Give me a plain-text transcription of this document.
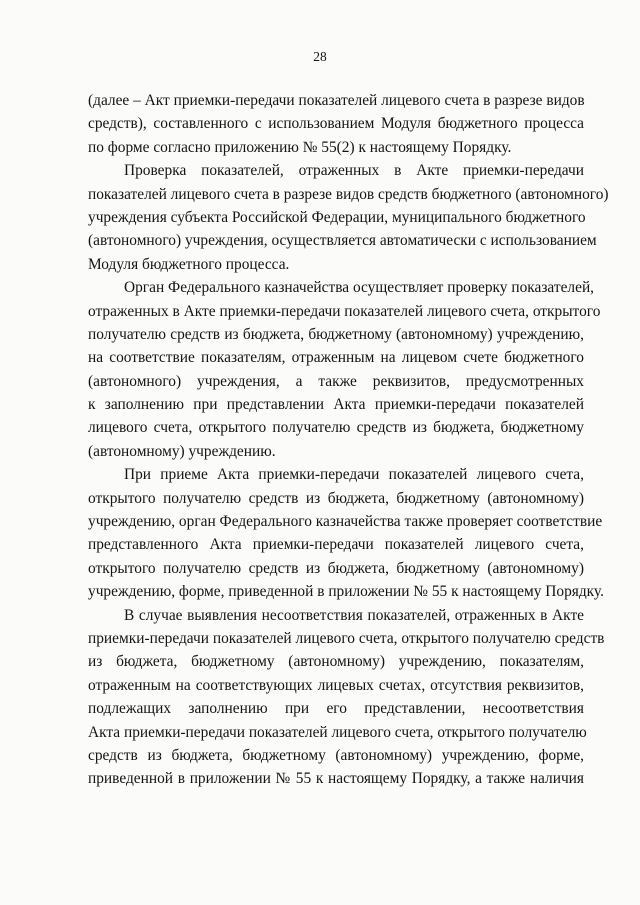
28
(далее – Акт приемки-передачи показателей лицевого счета в разрезе видов
средств), составленного с использованием Модуля бюджетного процесса
по форме согласно приложению № 55(2) к настоящему Порядку.
Проверка показателей, отраженных в Акте приемки-передачи
показателей лицевого счета в разрезе видов средств бюджетного (автономного)
учреждения субъекта Российской Федерации, муниципального бюджетного
(автономного) учреждения, осуществляется автоматически с использованием
Модуля бюджетного процесса.
Орган Федерального казначейства осуществляет проверку показателей,
отраженных в Акте приемки-передачи показателей лицевого счета, открытого
получателю средств из бюджета, бюджетному (автономному) учреждению,
на соответствие показателям, отраженным на лицевом счете бюджетного
(автономного) учреждения, а также реквизитов, предусмотренных
к заполнению при представлении Акта приемки-передачи показателей
лицевого счета, открытого получателю средств из бюджета, бюджетному
(автономному) учреждению.
При приеме Акта приемки-передачи показателей лицевого счета,
открытого получателю средств из бюджета, бюджетному (автономному)
учреждению, орган Федерального казначейства также проверяет соответствие
представленного Акта приемки-передачи показателей лицевого счета,
открытого получателю средств из бюджета, бюджетному (автономному)
учреждению, форме, приведенной в приложении № 55 к настоящему Порядку.
В случае выявления несоответствия показателей, отраженных в Акте
приемки-передачи показателей лицевого счета, открытого получателю средств
из бюджета, бюджетному (автономному) учреждению, показателям,
отраженным на соответствующих лицевых счетах, отсутствия реквизитов,
подлежащих заполнению при его представлении, несоответствия
Акта приемки-передачи показателей лицевого счета, открытого получателю
средств из бюджета, бюджетному (автономному) учреждению, форме,
приведенной в приложении № 55 к настоящему Порядку, а также наличия
